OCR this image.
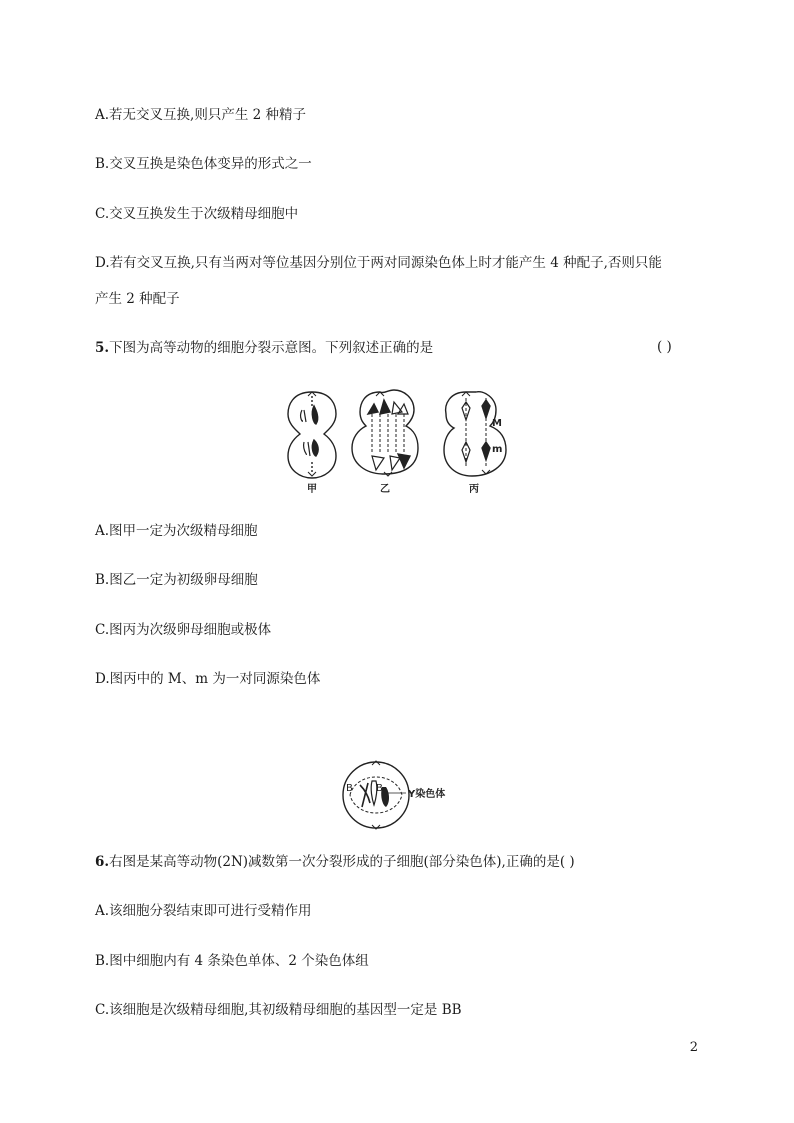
A.若无交叉互换,则只产生 2 种精子
B.交叉互换是染色体变异的形式之一
C.交叉互换发生于次级精母细胞中
D.若有交叉互换,只有当两对等位基因分别位于两对同源染色体上时才能产生 4 种配子,否则只能
产生 2 种配子
5.下图为高等动物的细胞分裂示意图。下列叙述正确的是	( )
M
m
甲	乙	丙
A.图甲一定为次级精母细胞
B.图乙一定为初级卵母细胞
C.图丙为次级卵母细胞或极体
D.图丙中的 M、m 为一对同源染色体
B B
Y染色体
6.右图是某高等动物(2N)减数第一次分裂形成的子细胞(部分染色体),正确的是( )
A.该细胞分裂结束即可进行受精作用
B.图中细胞内有 4 条染色单体、2 个染色体组
C.该细胞是次级精母细胞,其初级精母细胞的基因型一定是 BB
2
